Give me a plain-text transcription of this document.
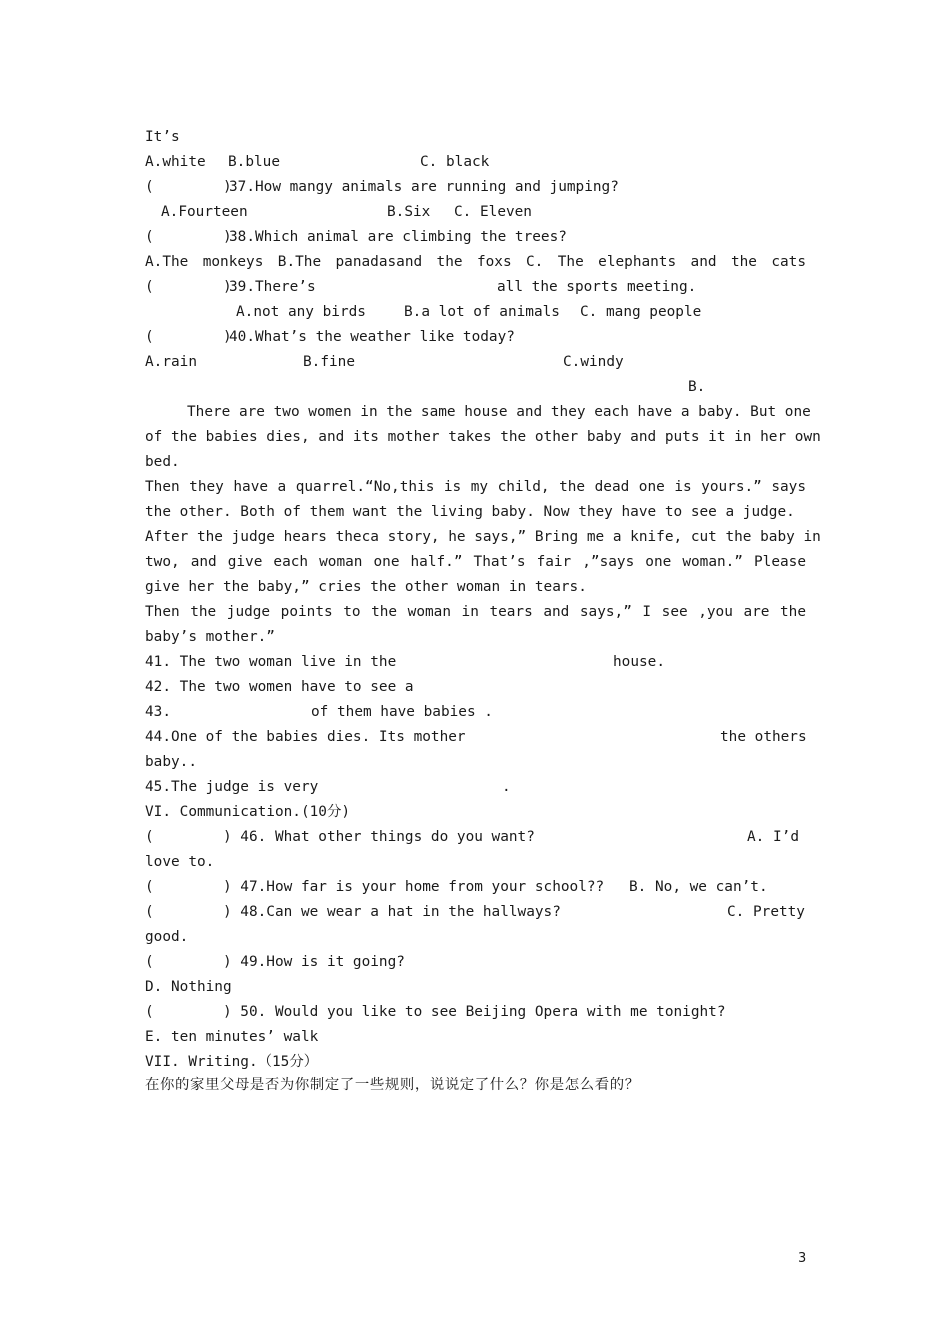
It’s
A.white B.blue	C. black
(        )
37.How mangy animals are running and jumping?
A.Fourteen	B.Six C. Eleven
(        )
38.Which animal are climbing the trees?
A.The monkeys B.The panadasand the foxs C. The elephants and the cats
(        )
39.There’s	all the sports meeting.
A.not any birds	B.a lot of animals C. mang people
(        )
40.What’s the weather like today?
A.rain	B.fine	C.windy
B.
There are two women in the same house and they each have a baby. But one
of the babies dies, and its mother takes the other baby and puts it in her own
bed.
Then they have a quarrel.“No,this is my child, the dead one is yours.” says
the other. Both of them want the living baby. Now they have to see a judge.
After the judge hears theca story, he says,” Bring me a knife, cut the baby in
two, and give each woman one half.” That’s fair ,”says one woman.” Please
give her the baby,” cries the other woman in tears.
Then the judge points to the woman in tears and says,” I see ,you are the
baby’s mother.”
41. The two woman live in the	house.
42. The two women have to see a
43.	of them have babies .
44.One of the babies dies. Its mother	the others
baby..
45.The judge is very	.
VI. Communication.(10分)
(        ) 46. What other things do you want?	A. I’d
love to.
(        ) 47.How far is your home from your school?? B. No, we can’t.
(        ) 48.Can we wear a hat in the hallways?	C. Pretty
good.
(        ) 49.How is it going?
D. Nothing
(        ) 50. Would you like to see Beijing Opera with me tonight?
E. ten minutes’ walk
VII. Writing.（15分）
在你的家里父母是否为你制定了一些规则，说说定了什么？你是怎么看的？
3
